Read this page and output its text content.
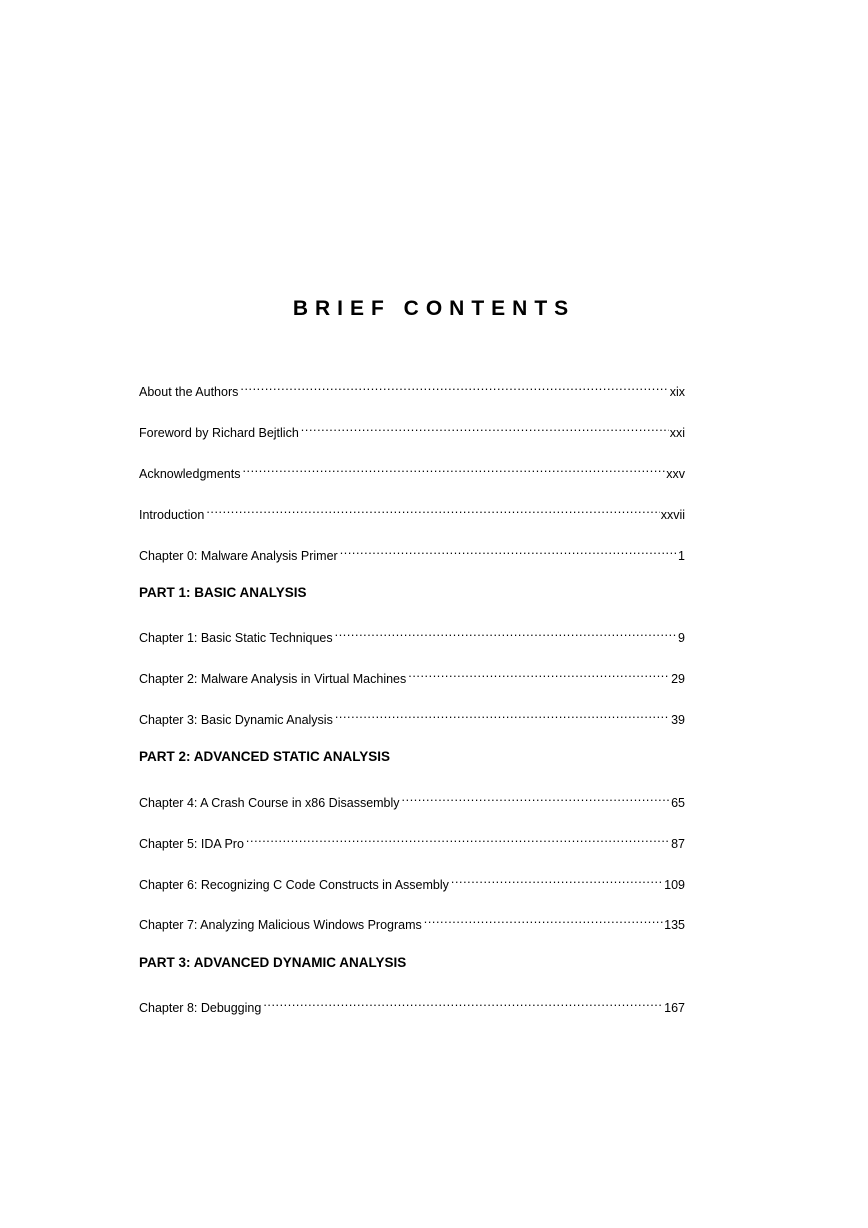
BRIEF CONTENTS
About the Authors .....	xix
Foreword by Richard Bejtlich .....	xxi
Acknowledgments .....	xxv
Introduction .....	xxvii
Chapter 0: Malware Analysis Primer .....	1
PART 1: BASIC ANALYSIS
Chapter 1: Basic Static Techniques .....	9
Chapter 2: Malware Analysis in Virtual Machines .....	29
Chapter 3: Basic Dynamic Analysis .....	39
PART 2: ADVANCED STATIC ANALYSIS
Chapter 4: A Crash Course in x86 Disassembly .....	65
Chapter 5: IDA Pro .....	87
Chapter 6: Recognizing C Code Constructs in Assembly .....	109
Chapter 7: Analyzing Malicious Windows Programs .....	135
PART 3: ADVANCED DYNAMIC ANALYSIS
Chapter 8: Debugging .....	167
